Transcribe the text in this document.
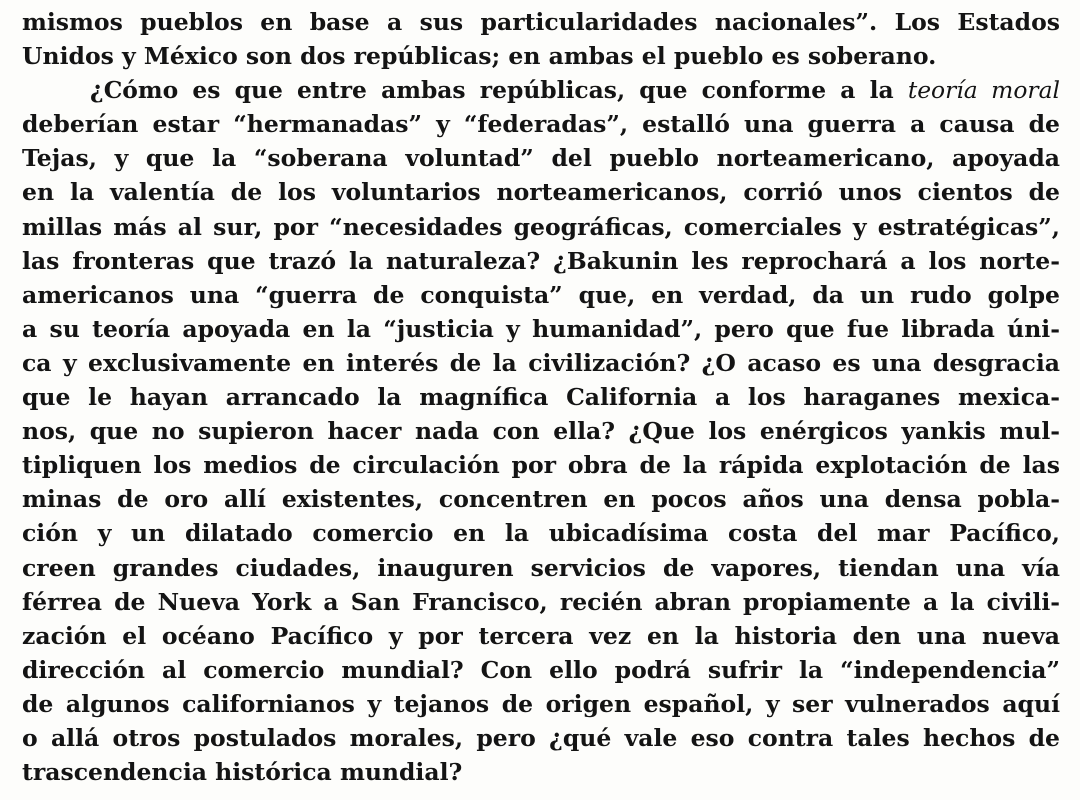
mismos pueblos en base a sus particularidades nacionales”. Los Estados
Unidos y México son dos repúblicas; en ambas el pueblo es soberano.
¿Cómo es que entre ambas repúblicas, que conforme a la teoría moral
deberían estar “hermanadas” y “federadas”, estalló una guerra a causa de
Tejas, y que la “soberana voluntad” del pueblo norteamericano, apoyada
en la valentía de los voluntarios norteamericanos, corrió unos cientos de
millas más al sur, por “necesidades geográficas, comerciales y estratégicas”,
las fronteras que trazó la naturaleza? ¿Bakunin les reprochará a los norte-
americanos una “guerra de conquista” que, en verdad, da un rudo golpe
a su teoría apoyada en la “justicia y humanidad”, pero que fue librada úni-
ca y exclusivamente en interés de la civilización? ¿O acaso es una desgracia
que le hayan arrancado la magnífica California a los haraganes mexica-
nos, que no supieron hacer nada con ella? ¿Que los enérgicos yankis mul-
tipliquen los medios de circulación por obra de la rápida explotación de las
minas de oro allí existentes, concentren en pocos años una densa pobla-
ción y un dilatado comercio en la ubicadísima costa del mar Pacífico,
creen grandes ciudades, inauguren servicios de vapores, tiendan una vía
férrea de Nueva York a San Francisco, recién abran propiamente a la civili-
zación el océano Pacífico y por tercera vez en la historia den una nueva
dirección al comercio mundial? Con ello podrá sufrir la “independencia”
de algunos californianos y tejanos de origen español, y ser vulnerados aquí
o allá otros postulados morales, pero ¿qué vale eso contra tales hechos de
trascendencia histórica mundial?
